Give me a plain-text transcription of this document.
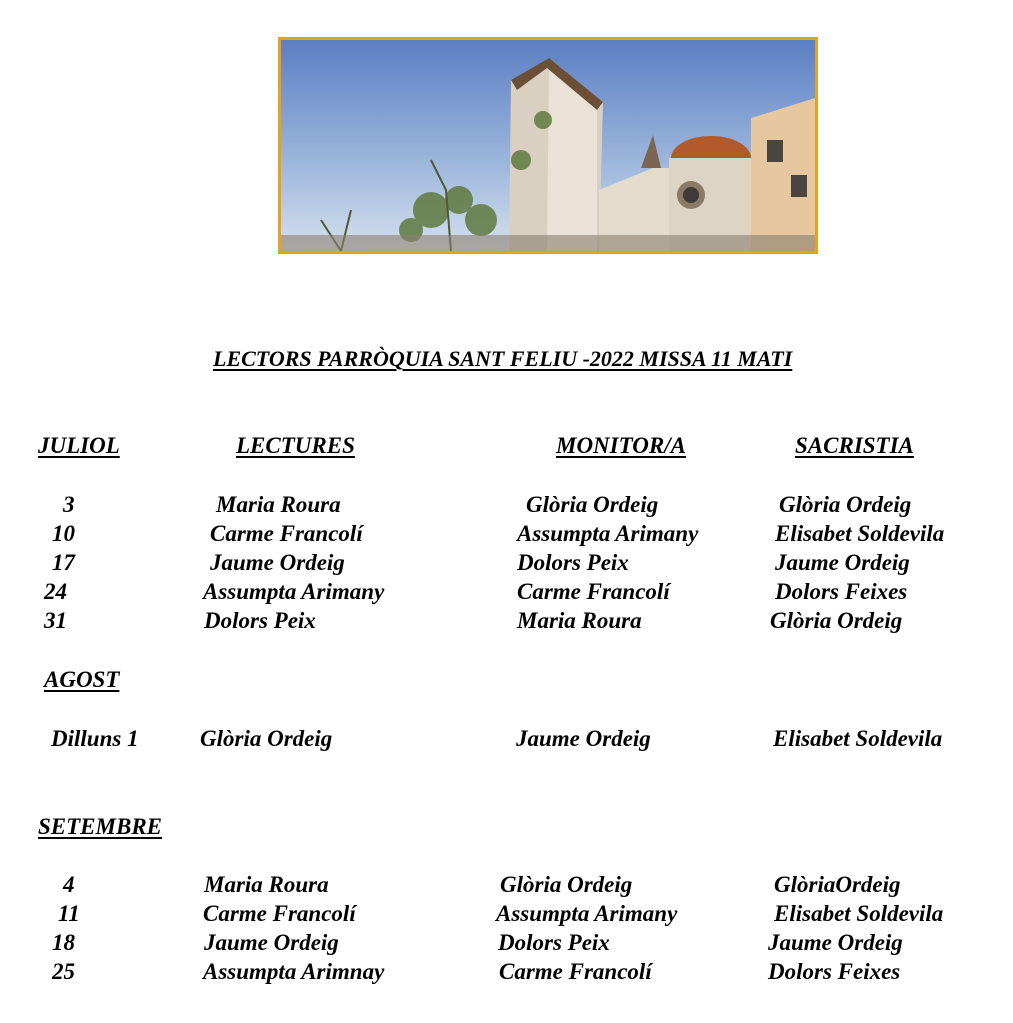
LECTORS PARRÒQUIA SANT FELIU -2022 MISSA 11 MATI
JULIOL	LECTURES	MONITOR/A	SACRISTIA
3	Maria Roura	Glòria Ordeig	Glòria Ordeig
10	Carme Francolí	Assumpta Arimany	Elisabet Soldevila
17	Jaume Ordeig	Dolors Peix	Jaume Ordeig
24	Assumpta Arimany	Carme Francolí	Dolors Feixes
31	Dolors Peix	Maria Roura	Glòria Ordeig
AGOST
Dilluns 1	Glòria Ordeig	Jaume Ordeig	Elisabet Soldevila
SETEMBRE
4	Maria Roura	Glòria Ordeig	GlòriaOrdeig
11	Carme Francolí	Assumpta Arimany	Elisabet Soldevila
18	Jaume Ordeig	Dolors Peix	Jaume Ordeig
25	Assumpta Arimnay	Carme Francolí	Dolors Feixes
